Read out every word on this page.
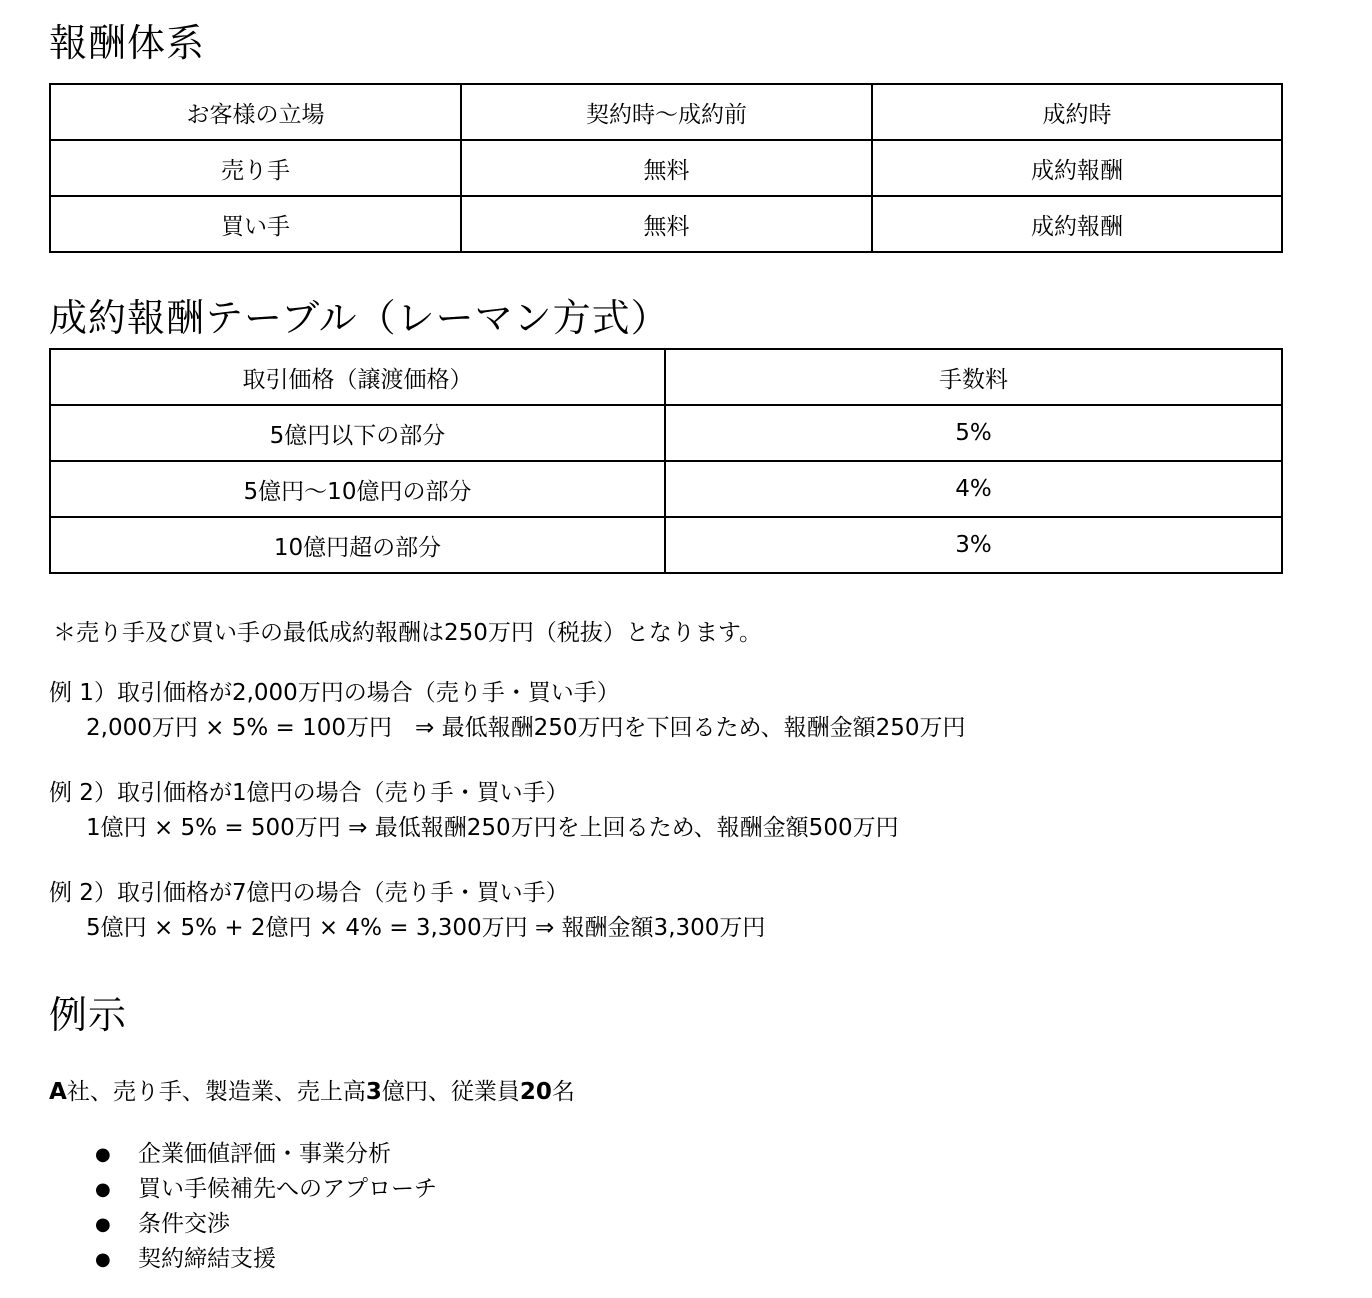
報酬体系
お客様の立場	契約時～成約前	成約時
売り手	無料	成約報酬
買い手	無料	成約報酬
成約報酬テーブル（レーマン方式）
取引価格（譲渡価格）	手数料
5億円以下の部分	5%
5億円～10億円の部分	4%
10億円超の部分	3%
＊売り手及び買い手の最低成約報酬は250万円（税抜）となります。
例 1）取引価格が2,000万円の場合（売り手・買い手）
2,000万円 × 5% = 100万円　⇒ 最低報酬250万円を下回るため、報酬金額250万円
例 2）取引価格が1億円の場合（売り手・買い手）
1億円 × 5% = 500万円 ⇒ 最低報酬250万円を上回るため、報酬金額500万円
例 2）取引価格が7億円の場合（売り手・買い手）
5億円 × 5% + 2億円 × 4% = 3,300万円 ⇒ 報酬金額3,300万円
例示
A社、売り手、製造業、売上高3億円、従業員20名
● 企業価値評価・事業分析
● 買い手候補先へのアプローチ
● 条件交渉
● 契約締結支援
